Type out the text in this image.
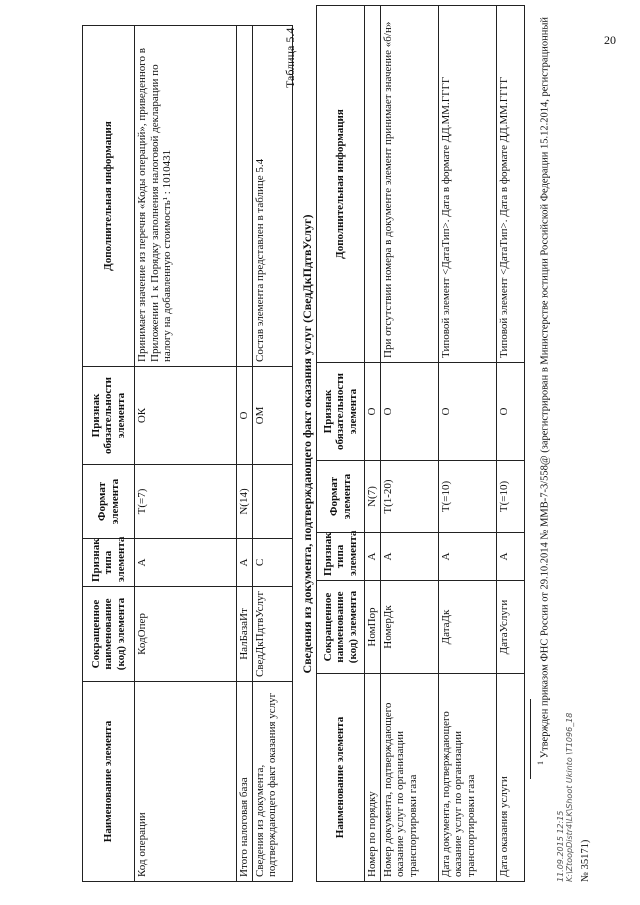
20
Наименование элемента	Сокращенное наименование (код) элемента	Признак типа элемента	Формат элемента	Признак обязательности элемента	Дополнительная информация
Код операции	КодОпер	А	T(=7)	ОК	Принимает значение из перечня «Коды операций», приведенного в Приложении 1 к Порядку заполнения налоговой декларации по налогу на добавленную стоимость¹ : 1010431
Итого налоговая база	НалБазаИт	А	N(14)	О	
Сведения из документа, подтверждающего факт оказания услуг	СведДкПдтвУслуг	С		ОМ	Состав элемента представлен в таблице 5.4
Таблица 5.4
Сведения из документа, подтверждающего факт оказания услуг (СведДкПдтвУслуг)
Наименование элемента	Сокращенное наименование (код) элемента	Признак типа элемента	Формат элемента	Признак обязательности элемента	Дополнительная информация
Номер по порядку	НомПор	А	N(7)	О	
Номер документа, подтверждающего оказание услуг по организации транспортировки газа	НомерДк	А	T(1-20)	О	При отсутствии номера в документе элемент принимает значение «б/н»
Дата документа, подтверждающего оказание услуг по организации транспортировки газа	ДатаДк	А	T(=10)	О	Типовой элемент <ДатаТип>. Дата в формате ДД.ММ.ГГГГ
Дата оказания услуги	ДатаУслуги	А	T(=10)	О	Типовой элемент <ДатаТип>. Дата в формате ДД.ММ.ГГГГ
$^1$ Утвержден приказом ФНС России от 29.10.2014 № ММВ-7-3/558@ (зарегистрирован в Министерстве юстиции Российской Федерации 15.12.2014, регистрационный
11.09.2015 12:15 K:\ZtoopDistr4\LK\Shoot Ukinto \T1096_18 № 35171)
